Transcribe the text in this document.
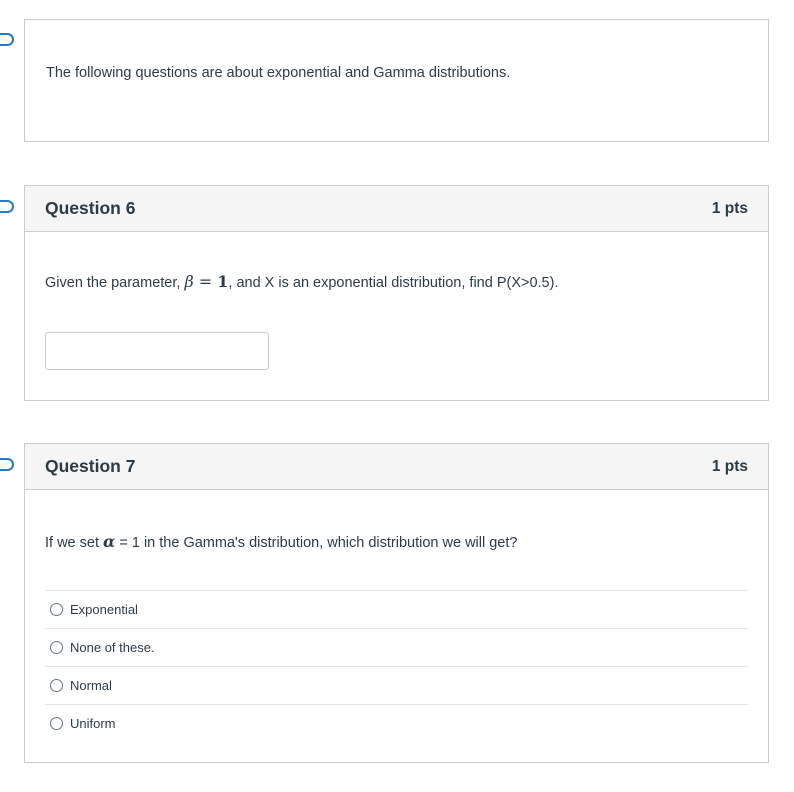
The following questions are about exponential and Gamma distributions.
Question 6	1 pts
Given the parameter, β = 1, and X is an exponential distribution, find P(X>0.5).
Question 7	1 pts
If we set α = 1 in the Gamma's distribution, which distribution we will get?
Exponential
None of these.
Normal
Uniform
